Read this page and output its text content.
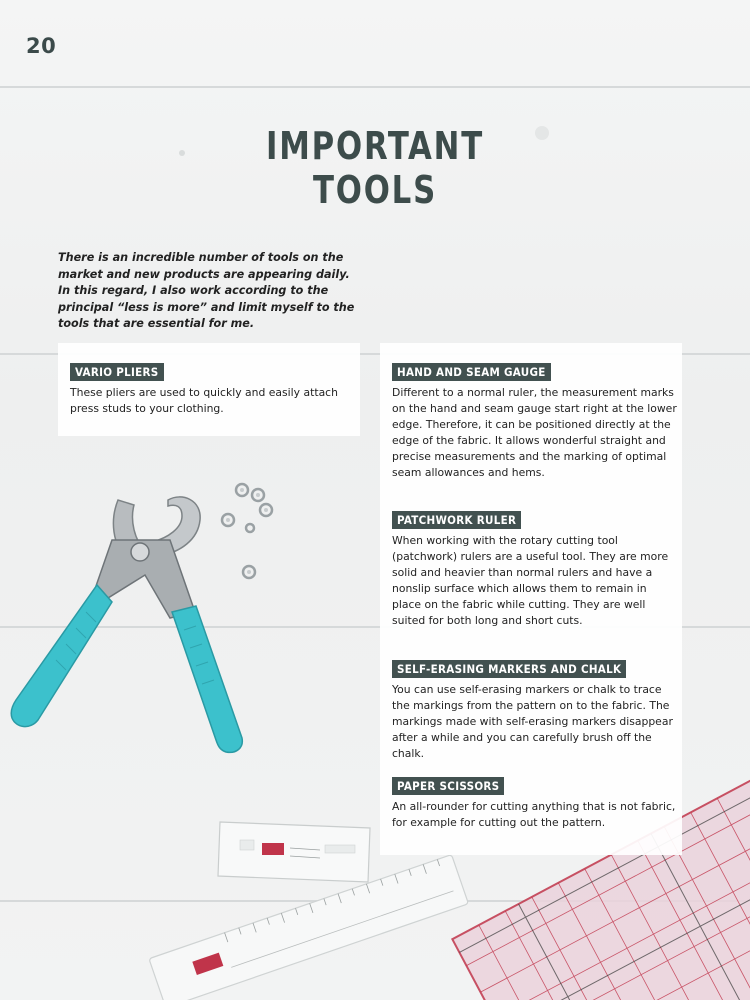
20

IMPORTANT
TOOLS

There is an incredible number of tools on the market and new products are appearing daily. In this regard, I also work according to the principal “less is more” and limit myself to the tools that are essential for me.

VARIO PLIERS

These pliers are used to quickly and easily attach press studs to your clothing.

HAND AND SEAM GAUGE

Different to a normal ruler, the measurement marks on the hand and seam gauge start right at the lower edge. Therefore, it can be positioned directly at the edge of the fabric. It allows wonderful straight and precise measurements and the marking of optimal seam allowances and hems.

PATCHWORK RULER

When working with the rotary cutting tool (patchwork) rulers are a useful tool. They are more solid and heavier than normal rulers and have a nonslip surface which allows them to remain in place on the fabric while cutting. They are well suited for both long and short cuts.

SELF-ERASING MARKERS AND CHALK

You can use self-erasing markers or chalk to trace the markings from the pattern on to the fabric. The markings made with self-erasing markers disappear after a while and you can carefully brush off the chalk.

PAPER SCISSORS

An all-rounder for cutting anything that is not fabric, for example for cutting out the pattern.
